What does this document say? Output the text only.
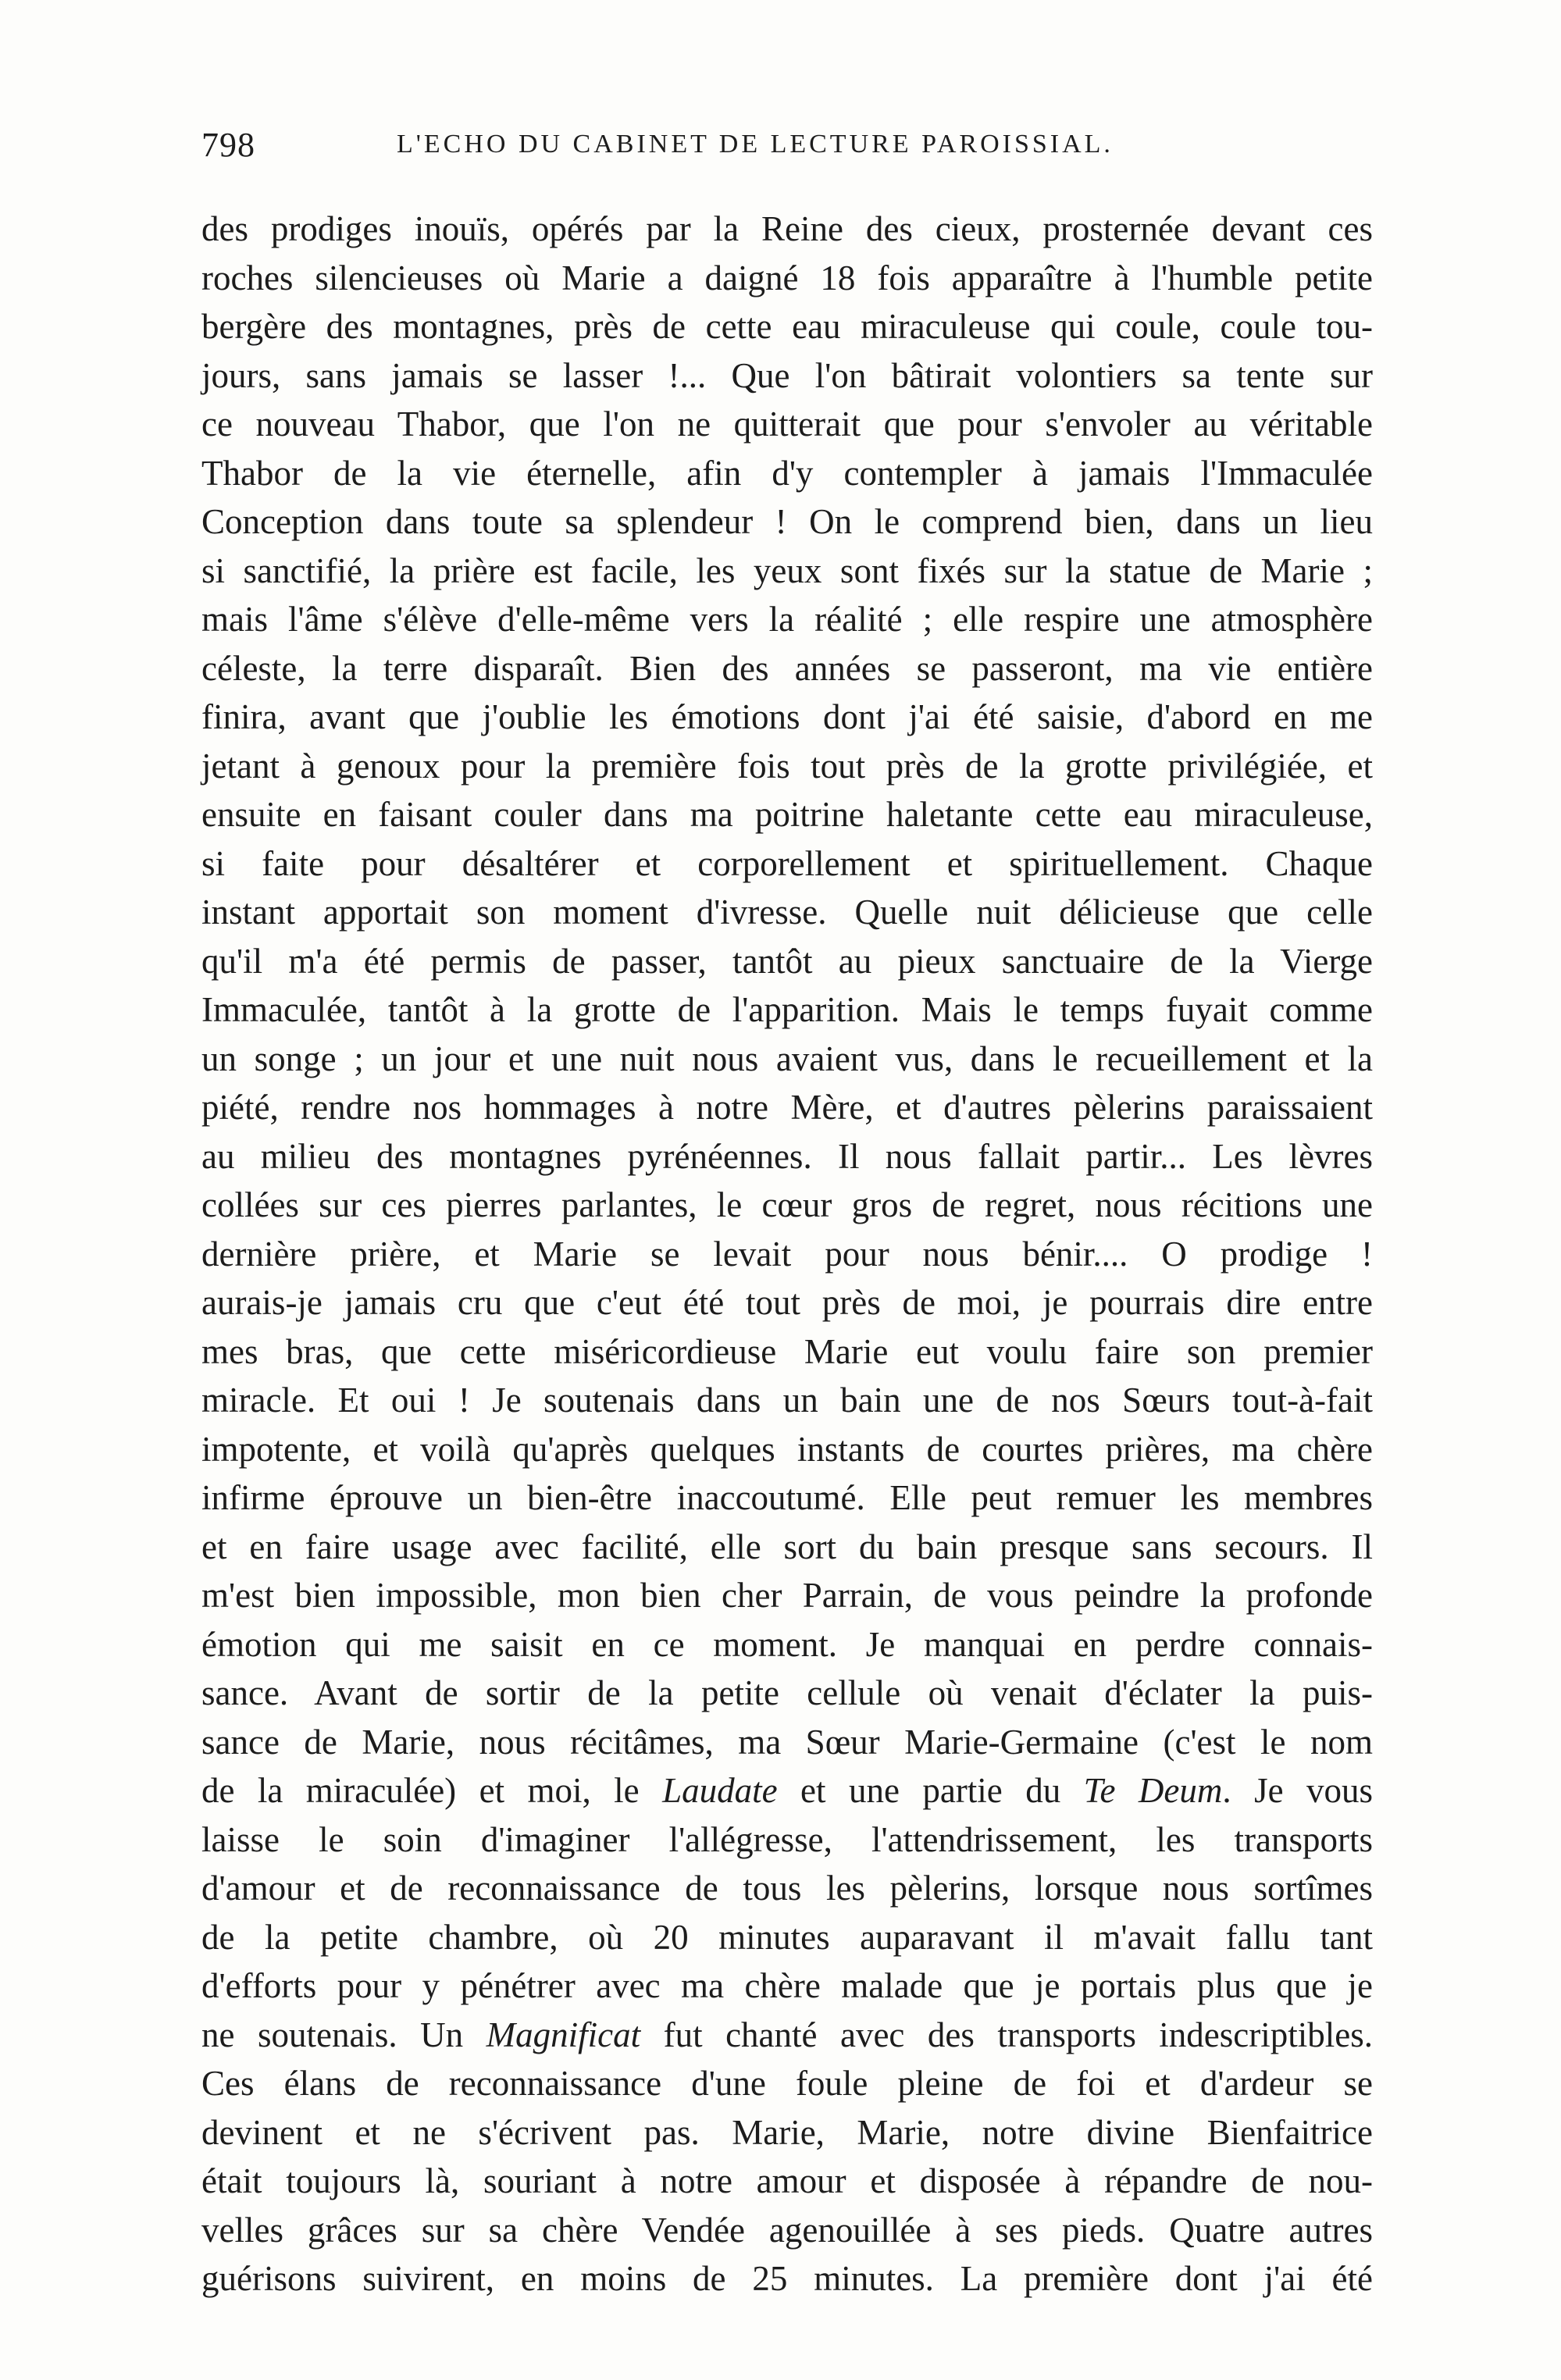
798	L'ECHO DU CABINET DE LECTURE PAROISSIAL.
des prodiges inouïs, opérés par la Reine des cieux, prosternée devant ces
roches silencieuses où Marie a daigné 18 fois apparaître à l'humble petite
bergère des montagnes, près de cette eau miraculeuse qui coule, coule tou-
jours, sans jamais se lasser !... Que l'on bâtirait volontiers sa tente sur
ce nouveau Thabor, que l'on ne quitterait que pour s'envoler au véritable
Thabor de la vie éternelle, afin d'y contempler à jamais l'Immaculée
Conception dans toute sa splendeur ! On le comprend bien, dans un lieu
si sanctifié, la prière est facile, les yeux sont fixés sur la statue de Marie ;
mais l'âme s'élève d'elle-même vers la réalité ; elle respire une atmosphère
céleste, la terre disparaît. Bien des années se passeront, ma vie entière
finira, avant que j'oublie les émotions dont j'ai été saisie, d'abord en me
jetant à genoux pour la première fois tout près de la grotte privilégiée, et
ensuite en faisant couler dans ma poitrine haletante cette eau miraculeuse,
si faite pour désaltérer et corporellement et spirituellement. Chaque
instant apportait son moment d'ivresse. Quelle nuit délicieuse que celle
qu'il m'a été permis de passer, tantôt au pieux sanctuaire de la Vierge
Immaculée, tantôt à la grotte de l'apparition. Mais le temps fuyait comme
un songe ; un jour et une nuit nous avaient vus, dans le recueillement et la
piété, rendre nos hommages à notre Mère, et d'autres pèlerins paraissaient
au milieu des montagnes pyrénéennes. Il nous fallait partir... Les lèvres
collées sur ces pierres parlantes, le cœur gros de regret, nous récitions une
dernière prière, et Marie se levait pour nous bénir.... O prodige !
aurais-je jamais cru que c'eut été tout près de moi, je pourrais dire entre
mes bras, que cette miséricordieuse Marie eut voulu faire son premier
miracle. Et oui ! Je soutenais dans un bain une de nos Sœurs tout-à-fait
impotente, et voilà qu'après quelques instants de courtes prières, ma chère
infirme éprouve un bien-être inaccoutumé. Elle peut remuer les membres
et en faire usage avec facilité, elle sort du bain presque sans secours. Il
m'est bien impossible, mon bien cher Parrain, de vous peindre la profonde
émotion qui me saisit en ce moment. Je manquai en perdre connais-
sance. Avant de sortir de la petite cellule où venait d'éclater la puis-
sance de Marie, nous récitâmes, ma Sœur Marie-Germaine (c'est le nom
de la miraculée) et moi, le Laudate et une partie du Te Deum. Je vous
laisse le soin d'imaginer l'allégresse, l'attendrissement, les transports
d'amour et de reconnaissance de tous les pèlerins, lorsque nous sortîmes
de la petite chambre, où 20 minutes auparavant il m'avait fallu tant
d'efforts pour y pénétrer avec ma chère malade que je portais plus que je
ne soutenais. Un Magnificat fut chanté avec des transports indescriptibles.
Ces élans de reconnaissance d'une foule pleine de foi et d'ardeur se
devinent et ne s'écrivent pas. Marie, Marie, notre divine Bienfaitrice
était toujours là, souriant à notre amour et disposée à répandre de nou-
velles grâces sur sa chère Vendée agenouillée à ses pieds. Quatre autres
guérisons suivirent, en moins de 25 minutes. La première dont j'ai été
